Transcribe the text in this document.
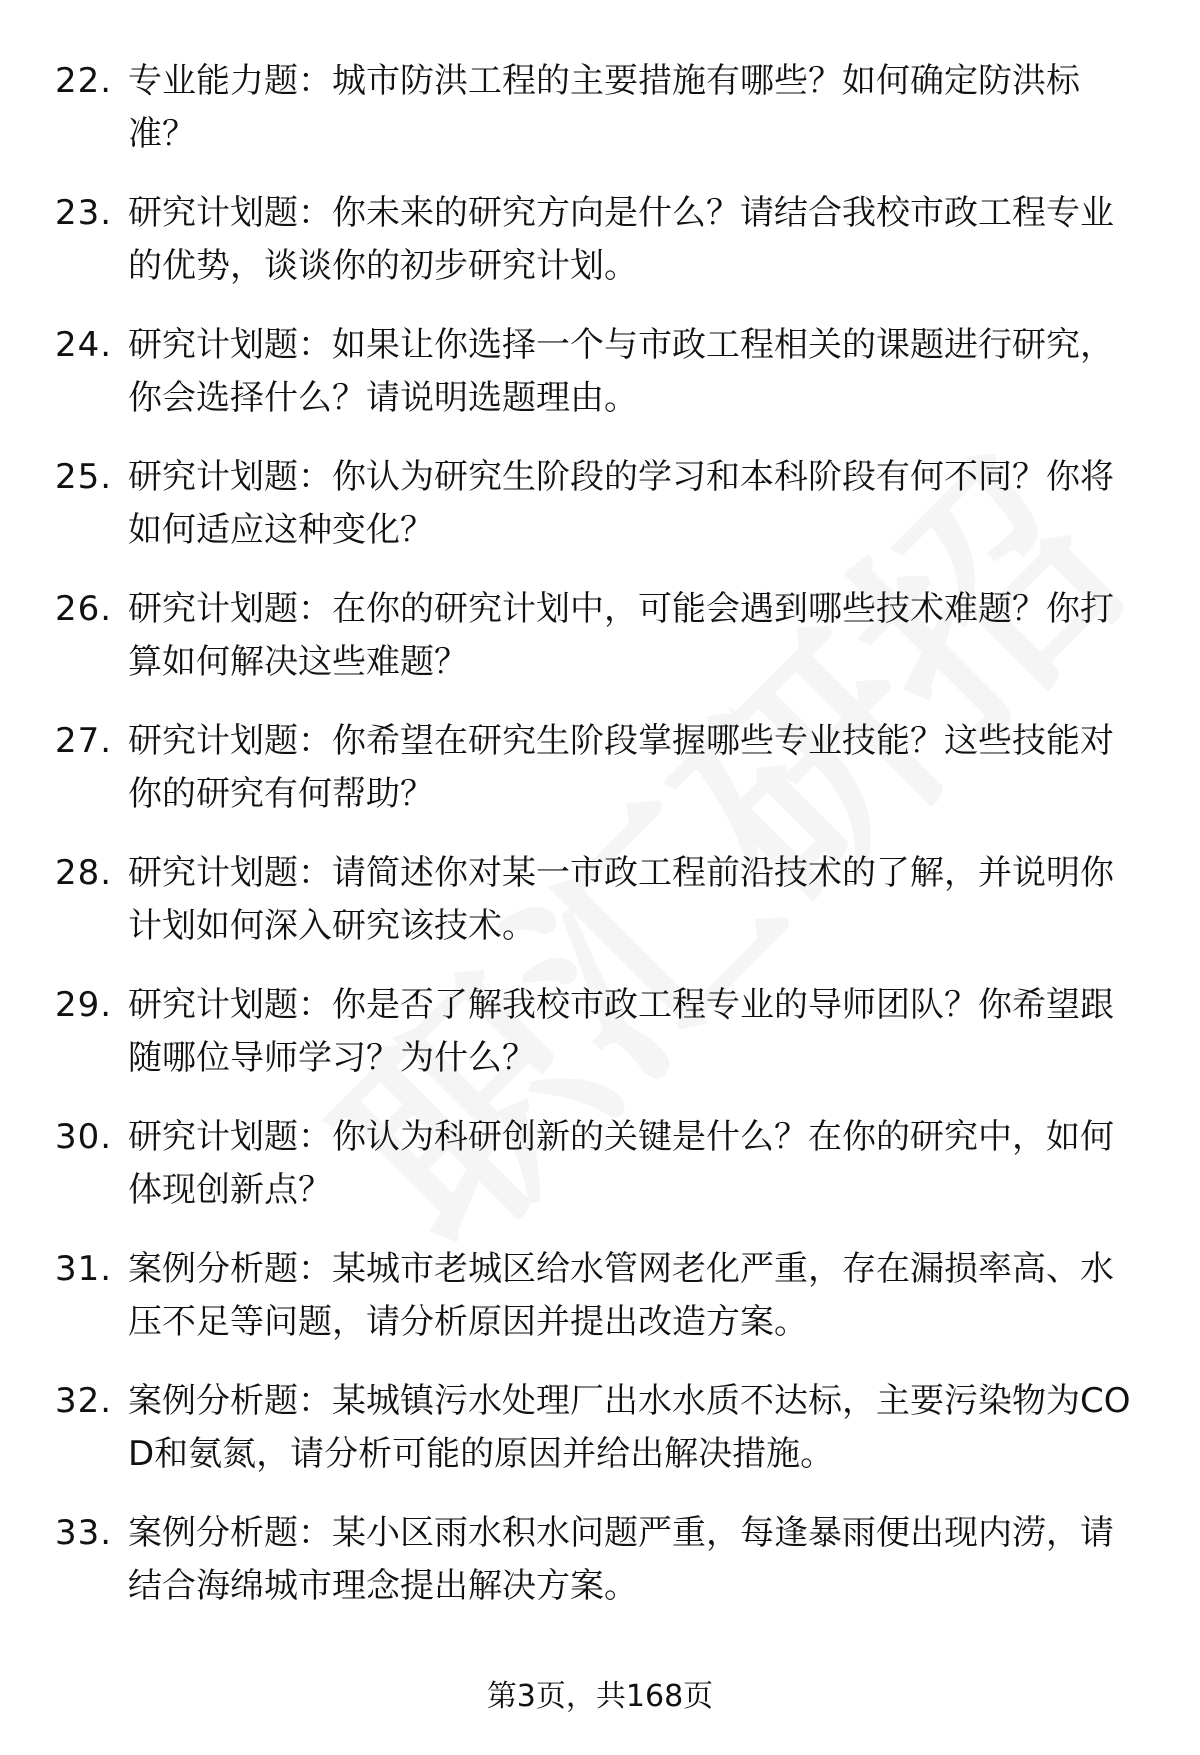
22. 专业能力题：城市防洪工程的主要措施有哪些？如何确定防洪标准？
23. 研究计划题：你未来的研究方向是什么？请结合我校市政工程专业的优势，谈谈你的初步研究计划。
24. 研究计划题：如果让你选择一个与市政工程相关的课题进行研究，你会选择什么？请说明选题理由。
25. 研究计划题：你认为研究生阶段的学习和本科阶段有何不同？你将如何适应这种变化？
26. 研究计划题：在你的研究计划中，可能会遇到哪些技术难题？你打算如何解决这些难题？
27. 研究计划题：你希望在研究生阶段掌握哪些专业技能？这些技能对你的研究有何帮助？
28. 研究计划题：请简述你对某一市政工程前沿技术的了解，并说明你计划如何深入研究该技术。
29. 研究计划题：你是否了解我校市政工程专业的导师团队？你希望跟随哪位导师学习？为什么？
30. 研究计划题：你认为科研创新的关键是什么？在你的研究中，如何体现创新点？
31. 案例分析题：某城市老城区给水管网老化严重，存在漏损率高、水压不足等问题，请分析原因并提出改造方案。
32. 案例分析题：某城镇污水处理厂出水水质不达标，主要污染物为COD和氨氮，请分析可能的原因并给出解决措施。
33. 案例分析题：某小区雨水积水问题严重，每逢暴雨便出现内涝，请结合海绵城市理念提出解决方案。
第3页，共168页
